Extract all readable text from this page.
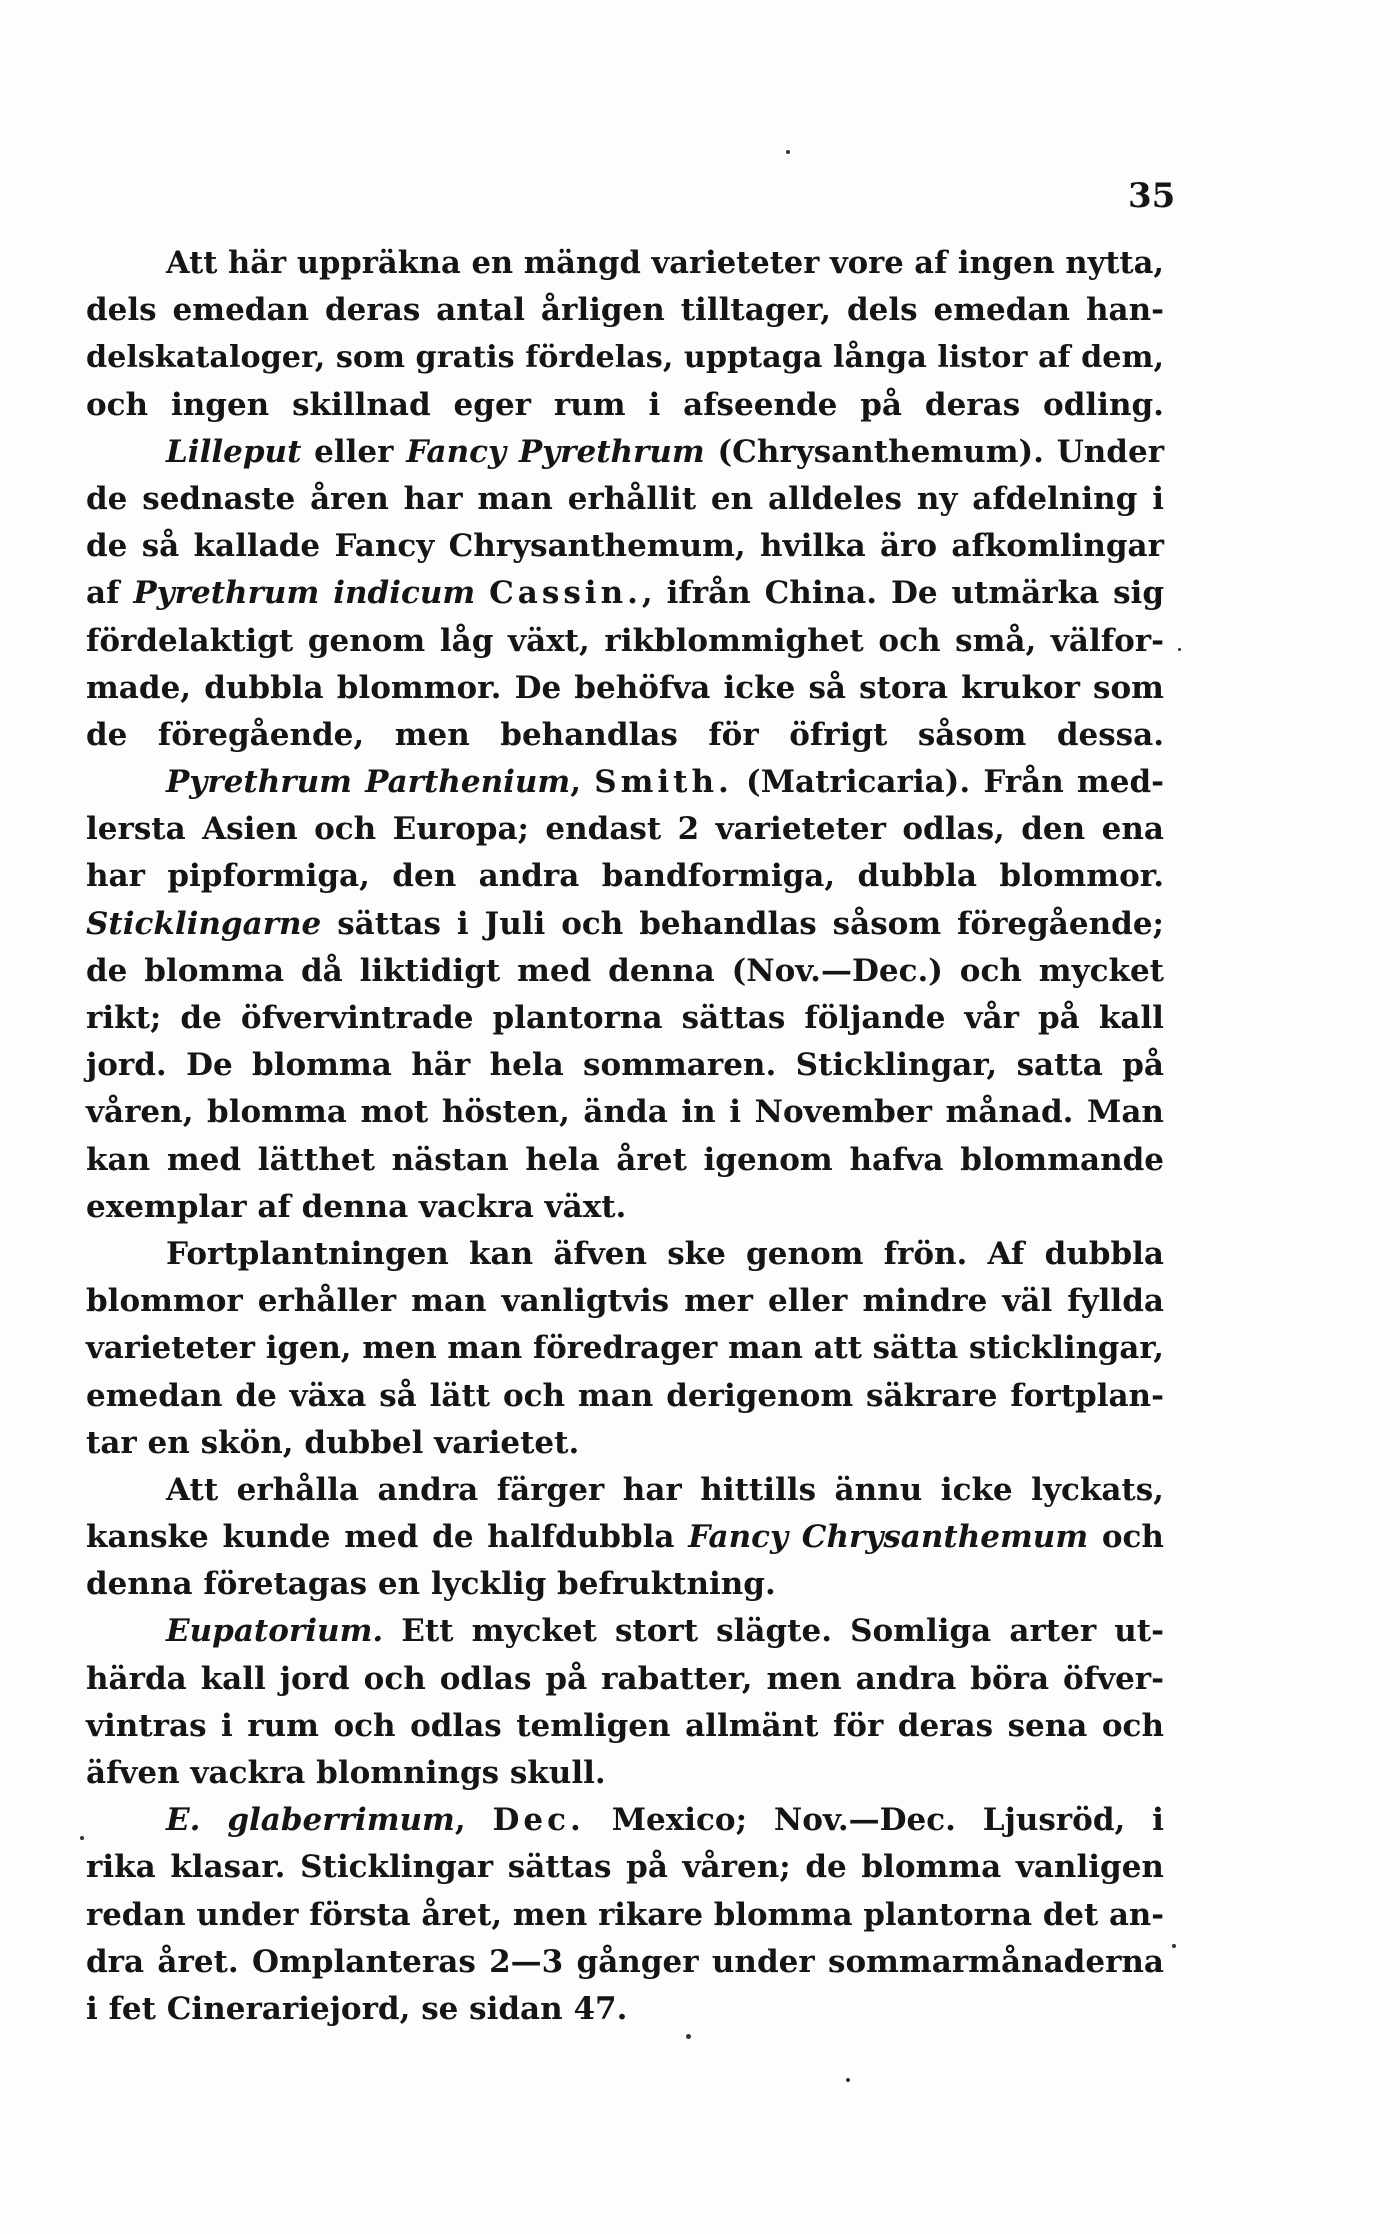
35
Att här uppräkna en mängd varieteter vore af ingen nytta,
dels emedan deras antal årligen tilltager, dels emedan han-
delskataloger, som gratis fördelas, upptaga långa listor af dem,
och ingen skillnad eger rum i afseende på deras odling.
Lilleput eller Fancy Pyrethrum (Chrysanthemum). Under
de sednaste åren har man erhållit en alldeles ny afdelning i
de så kallade Fancy Chrysanthemum, hvilka äro afkomlingar
af Pyrethrum indicum Cassin., ifrån China. De utmärka sig
fördelaktigt genom låg växt, rikblommighet och små, välfor-
made, dubbla blommor. De behöfva icke så stora krukor som
de föregående, men behandlas för öfrigt såsom dessa.
Pyrethrum Parthenium, Smith. (Matricaria). Från med-
lersta Asien och Europa; endast 2 varieteter odlas, den ena
har pipformiga, den andra bandformiga, dubbla blommor.
Sticklingarne sättas i Juli och behandlas såsom föregående;
de blomma då liktidigt med denna (Nov.—Dec.) och mycket
rikt; de öfvervintrade plantorna sättas följande vår på kall
jord. De blomma här hela sommaren. Sticklingar, satta på
våren, blomma mot hösten, ända in i November månad. Man
kan med lätthet nästan hela året igenom hafva blommande
exemplar af denna vackra växt.
Fortplantningen kan äfven ske genom frön. Af dubbla
blommor erhåller man vanligtvis mer eller mindre väl fyllda
varieteter igen, men man föredrager man att sätta sticklingar,
emedan de växa så lätt och man derigenom säkrare fortplan-
tar en skön, dubbel varietet.
Att erhålla andra färger har hittills ännu icke lyckats,
kanske kunde med de halfdubbla Fancy Chrysanthemum och
denna företagas en lycklig befruktning.
Eupatorium. Ett mycket stort slägte. Somliga arter ut-
härda kall jord och odlas på rabatter, men andra böra öfver-
vintras i rum och odlas temligen allmänt för deras sena och
äfven vackra blomnings skull.
E. glaberrimum, Dec. Mexico; Nov.—Dec. Ljusröd, i
rika klasar. Sticklingar sättas på våren; de blomma vanligen
redan under första året, men rikare blomma plantorna det an-
dra året. Omplanteras 2—3 gånger under sommarmånaderna
i fet Cinerariejord, se sidan 47.
